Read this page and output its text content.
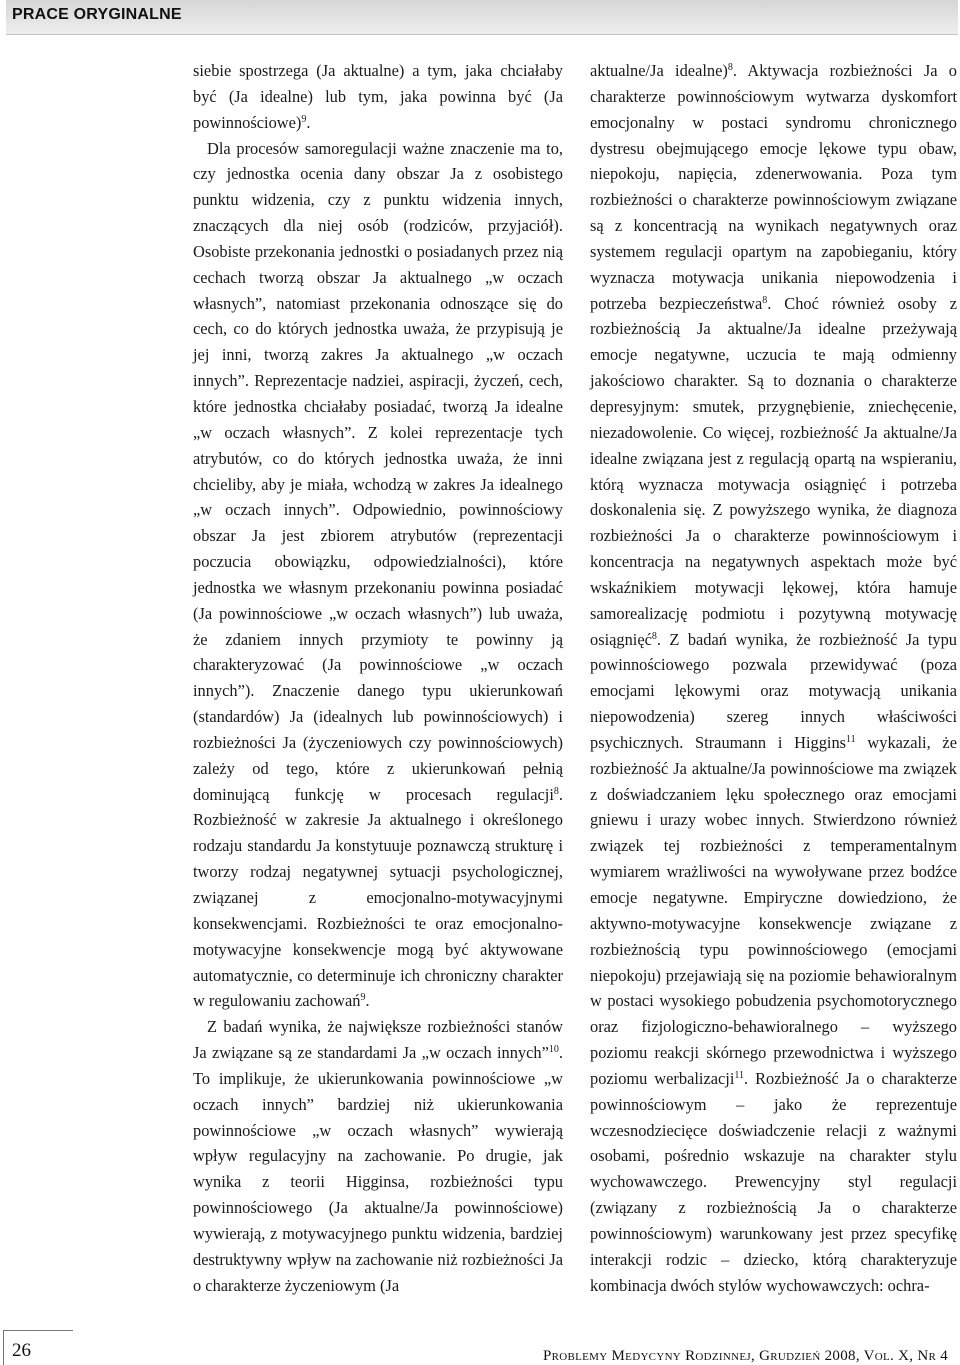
PRACE ORYGINALNE

siebie spostrzega (Ja aktualne) a tym, jaka chciałaby być (Ja idealne) lub tym, jaka powinna być (Ja powinnościowe)$^9$.

Dla procesów samoregulacji ważne znaczenie ma to, czy jednostka ocenia dany obszar Ja z osobistego punktu widzenia, czy z punktu widzenia innych, znaczących dla niej osób (rodziców, przyjaciół). Osobiste przekonania jednostki o posiadanych przez nią cechach tworzą obszar Ja aktualnego „w oczach własnych”, natomiast przekonania odnoszące się do cech, co do których jednostka uważa, że przypisują je jej inni, tworzą zakres Ja aktualnego „w oczach innych”. Reprezentacje nadziei, aspiracji, życzeń, cech, które jednostka chciałaby posiadać, tworzą Ja idealne „w oczach własnych”. Z kolei reprezentacje tych atrybutów, co do których jednostka uważa, że inni chcieliby, aby je miała, wchodzą w zakres Ja idealnego „w oczach innych”. Odpowiednio, powinnościowy obszar Ja jest zbiorem atrybutów (reprezentacji poczucia obowiązku, odpowiedzialności), które jednostka we własnym przekonaniu powinna posiadać (Ja powinnościowe „w oczach własnych”) lub uważa, że zdaniem innych przymioty te powinny ją charakteryzować (Ja powinnościowe „w oczach innych”). Znaczenie danego typu ukierunkowań (standardów) Ja (idealnych lub powinnościowych) i rozbieżności Ja (życzeniowych czy powinnościowych) zależy od tego, które z ukierunkowań pełnią dominującą funkcję w procesach regulacji$^8$. Rozbieżność w zakresie Ja aktualnego i określonego rodzaju standardu Ja konstytuuje poznawczą strukturę i tworzy rodzaj negatywnej sytuacji psychologicznej, związanej z emocjonalno-motywacyjnymi konsekwencjami. Rozbieżności te oraz emocjonalno-motywacyjne konsekwencje mogą być aktywowane automatycznie, co determinuje ich chroniczny charakter w regulowaniu zachowań$^9$.

Z badań wynika, że największe rozbieżności stanów Ja związane są ze standardami Ja „w oczach innych”$^{10}$. To implikuje, że ukierunkowania powinnościowe „w oczach innych” bardziej niż ukierunkowania powinnościowe „w oczach własnych” wywierają wpływ regulacyjny na zachowanie. Po drugie, jak wynika z teorii Higginsa, rozbieżności typu powinnościowego (Ja aktualne/Ja powinnościowe) wywierają, z motywacyjnego punktu widzenia, bardziej destruktywny wpływ na zachowanie niż rozbieżności Ja o charakterze życzeniowym (Ja

aktualne/Ja idealne)$^8$. Aktywacja rozbieżności Ja o charakterze powinnościowym wytwarza dyskomfort emocjonalny w postaci syndromu chronicznego dystresu obejmującego emocje lękowe typu obaw, niepokoju, napięcia, zdenerwowania. Poza tym rozbieżności o charakterze powinnościowym związane są z koncentracją na wynikach negatywnych oraz systemem regulacji opartym na zapobieganiu, który wyznacza motywacja unikania niepowodzenia i potrzeba bezpieczeństwa$^8$. Choć również osoby z rozbieżnością Ja aktualne/Ja idealne przeżywają emocje negatywne, uczucia te mają odmienny jakościowo charakter. Są to doznania o charakterze depresyjnym: smutek, przygnębienie, zniechęcenie, niezadowolenie. Co więcej, rozbieżność Ja aktualne/Ja idealne związana jest z regulacją opartą na wspieraniu, którą wyznacza motywacja osiągnięć i potrzeba doskonalenia się. Z powyższego wynika, że diagnoza rozbieżności Ja o charakterze powinnościowym i koncentracja na negatywnych aspektach może być wskaźnikiem motywacji lękowej, która hamuje samorealizację podmiotu i pozytywną motywację osiągnięć$^8$. Z badań wynika, że rozbieżność Ja typu powinnościowego pozwala przewidywać (poza emocjami lękowymi oraz motywacją unikania niepowodzenia) szereg innych właściwości psychicznych. Straumann i Higgins$^{11}$ wykazali, że rozbieżność Ja aktualne/Ja powinnościowe ma związek z doświadczaniem lęku społecznego oraz emocjami gniewu i urazy wobec innych. Stwierdzono również związek tej rozbieżności z temperamentalnym wymiarem wrażliwości na wywoływane przez bodźce emocje negatywne. Empiryczne dowiedziono, że aktywno-motywacyjne konsekwencje związane z rozbieżnością typu powinnościowego (emocjami niepokoju) przejawiają się na poziomie behawioralnym w postaci wysokiego pobudzenia psychomotorycznego oraz fizjologiczno-behawioralnego – wyższego poziomu reakcji skórnego przewodnictwa i wyższego poziomu werbalizacji$^{11}$. Rozbieżność Ja o charakterze powinnościowym – jako że reprezentuje wczesnodziecięce doświadczenie relacji z ważnymi osobami, pośrednio wskazuje na charakter stylu wychowawczego. Prewencyjny styl regulacji (związany z rozbieżnością Ja o charakterze powinnościowym) warunkowany jest przez specyfikę interakcji rodzic – dziecko, którą charakteryzuje kombinacja dwóch stylów wychowawczych: ochra-

26	Problemy Medycyny Rodzinnej, Grudzień 2008, Vol. X, Nr 4
